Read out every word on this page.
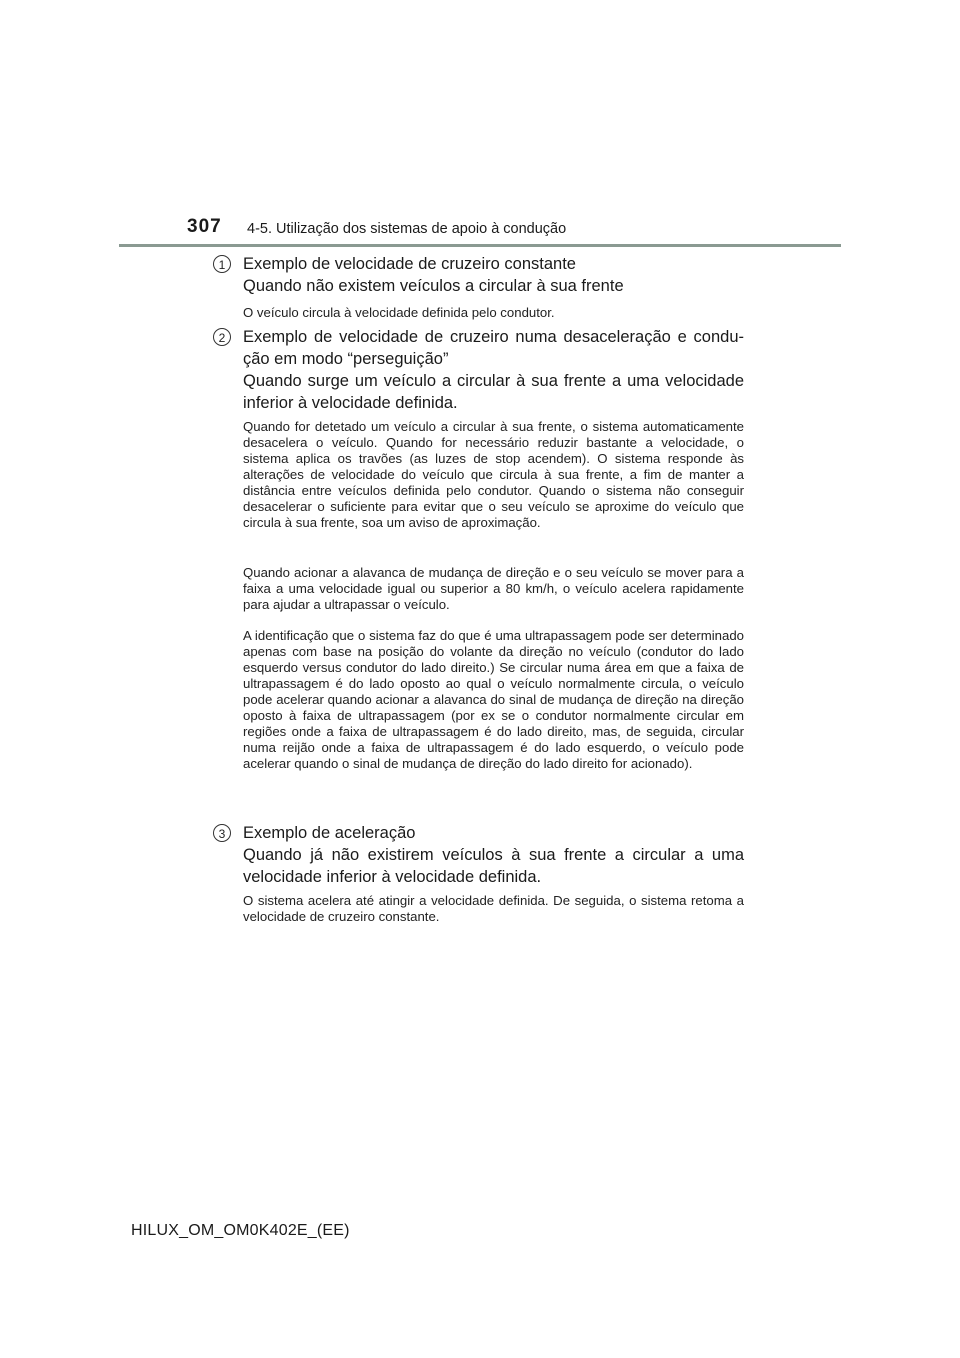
307 4-5. Utilização dos sistemas de apoio à condução
1	Exemplo de velocidade de cruzeiro constante
Quando não existem veículos a circular à sua frente
O veículo circula à velocidade definida pelo condutor.
2	Exemplo de velocidade de cruzeiro numa desaceleração e condu-
ção em modo “perseguição”
Quando surge um veículo a circular à sua frente a uma velocidade
inferior à velocidade definida.
Quando for detetado um veículo a circular à sua frente, o sistema automaticamente desacelera o veículo. Quando for necessário reduzir bastante a velocidade, o sistema aplica os travões (as luzes de stop acendem). O sistema responde às alterações de velocidade do veículo que circula à sua frente, a fim de manter a distância entre veículos definida pelo condutor. Quando o sistema não conseguir desacelerar o suficiente para evitar que o seu veículo se aproxime do veículo que circula à sua frente, soa um aviso de aproximação.
Quando acionar a alavanca de mudança de direção e o seu veículo se mover para a faixa a uma velocidade igual ou superior a 80 km/h, o veículo acelera rapidamente para ajudar a ultrapassar o veículo.
A identificação que o sistema faz do que é uma ultrapassagem pode ser determinado apenas com base na posição do volante da direção no veículo (condutor do lado esquerdo versus condutor do lado direito.) Se circular numa área em que a faixa de ultrapassagem é do lado oposto ao qual o veículo normalmente circula, o veículo pode acelerar quando acionar a alavanca do sinal de mudança de direção na direção oposto à faixa de ultrapassagem (por ex se o condutor normalmente circular em regiões onde a faixa de ultrapassagem é do lado direito, mas, de seguida, circular numa reijão onde a faixa de ultrapassagem é do lado esquerdo, o veículo pode acelerar quando o sinal de mudança de direção do lado direito for acionado).
3	Exemplo de aceleração
Quando já não existirem veículos à sua frente a circular a uma
velocidade inferior à velocidade definida.
O sistema acelera até atingir a velocidade definida. De seguida, o sistema retoma a velocidade de cruzeiro constante.
HILUX_OM_OM0K402E_(EE)
